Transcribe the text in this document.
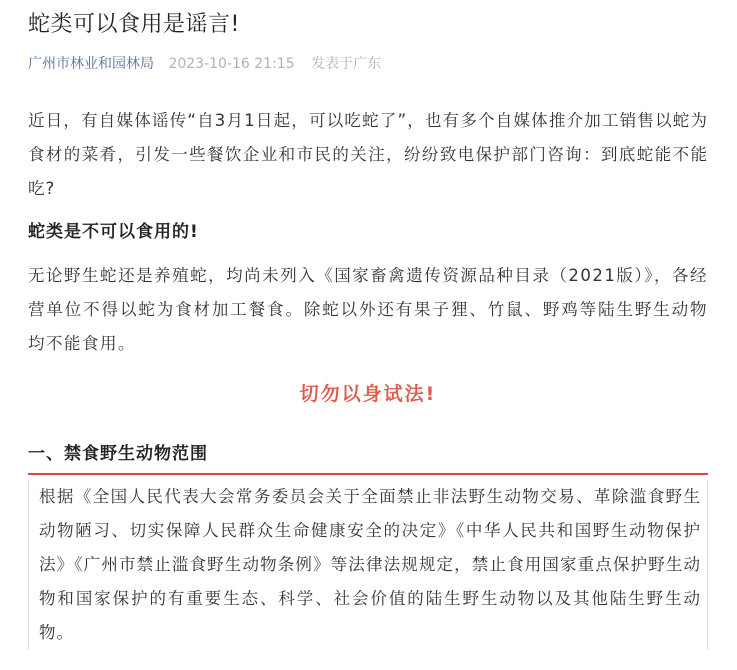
蛇类可以食用是谣言!
广州市林业和园林局 2023-10-16 21:15 发表于广东

近日，有自媒体谣传“自3月1日起，可以吃蛇了”，也有多个自媒体推介加工销售以蛇为食材的菜肴，引发一些餐饮企业和市民的关注，纷纷致电保护部门咨询：到底蛇能不能吃?

蛇类是不可以食用的!

无论野生蛇还是养殖蛇，均尚未列入《国家畜禽遗传资源品种目录（2021版）》，各经营单位不得以蛇为食材加工餐食。除蛇以外还有果子狸、竹鼠、野鸡等陆生野生动物均不能食用。

切勿以身试法!
一、禁食野生动物范围
根据《全国人民代表大会常务委员会关于全面禁止非法野生动物交易、革除滥食野生动物陋习、切实保障人民群众生命健康安全的决定》《中华人民共和国野生动物保护法》《广州市禁止滥食野生动物条例》等法律法规规定，禁止食用国家重点保护野生动物和国家保护的有重要生态、科学、社会价值的陆生野生动物以及其他陆生野生动物。
